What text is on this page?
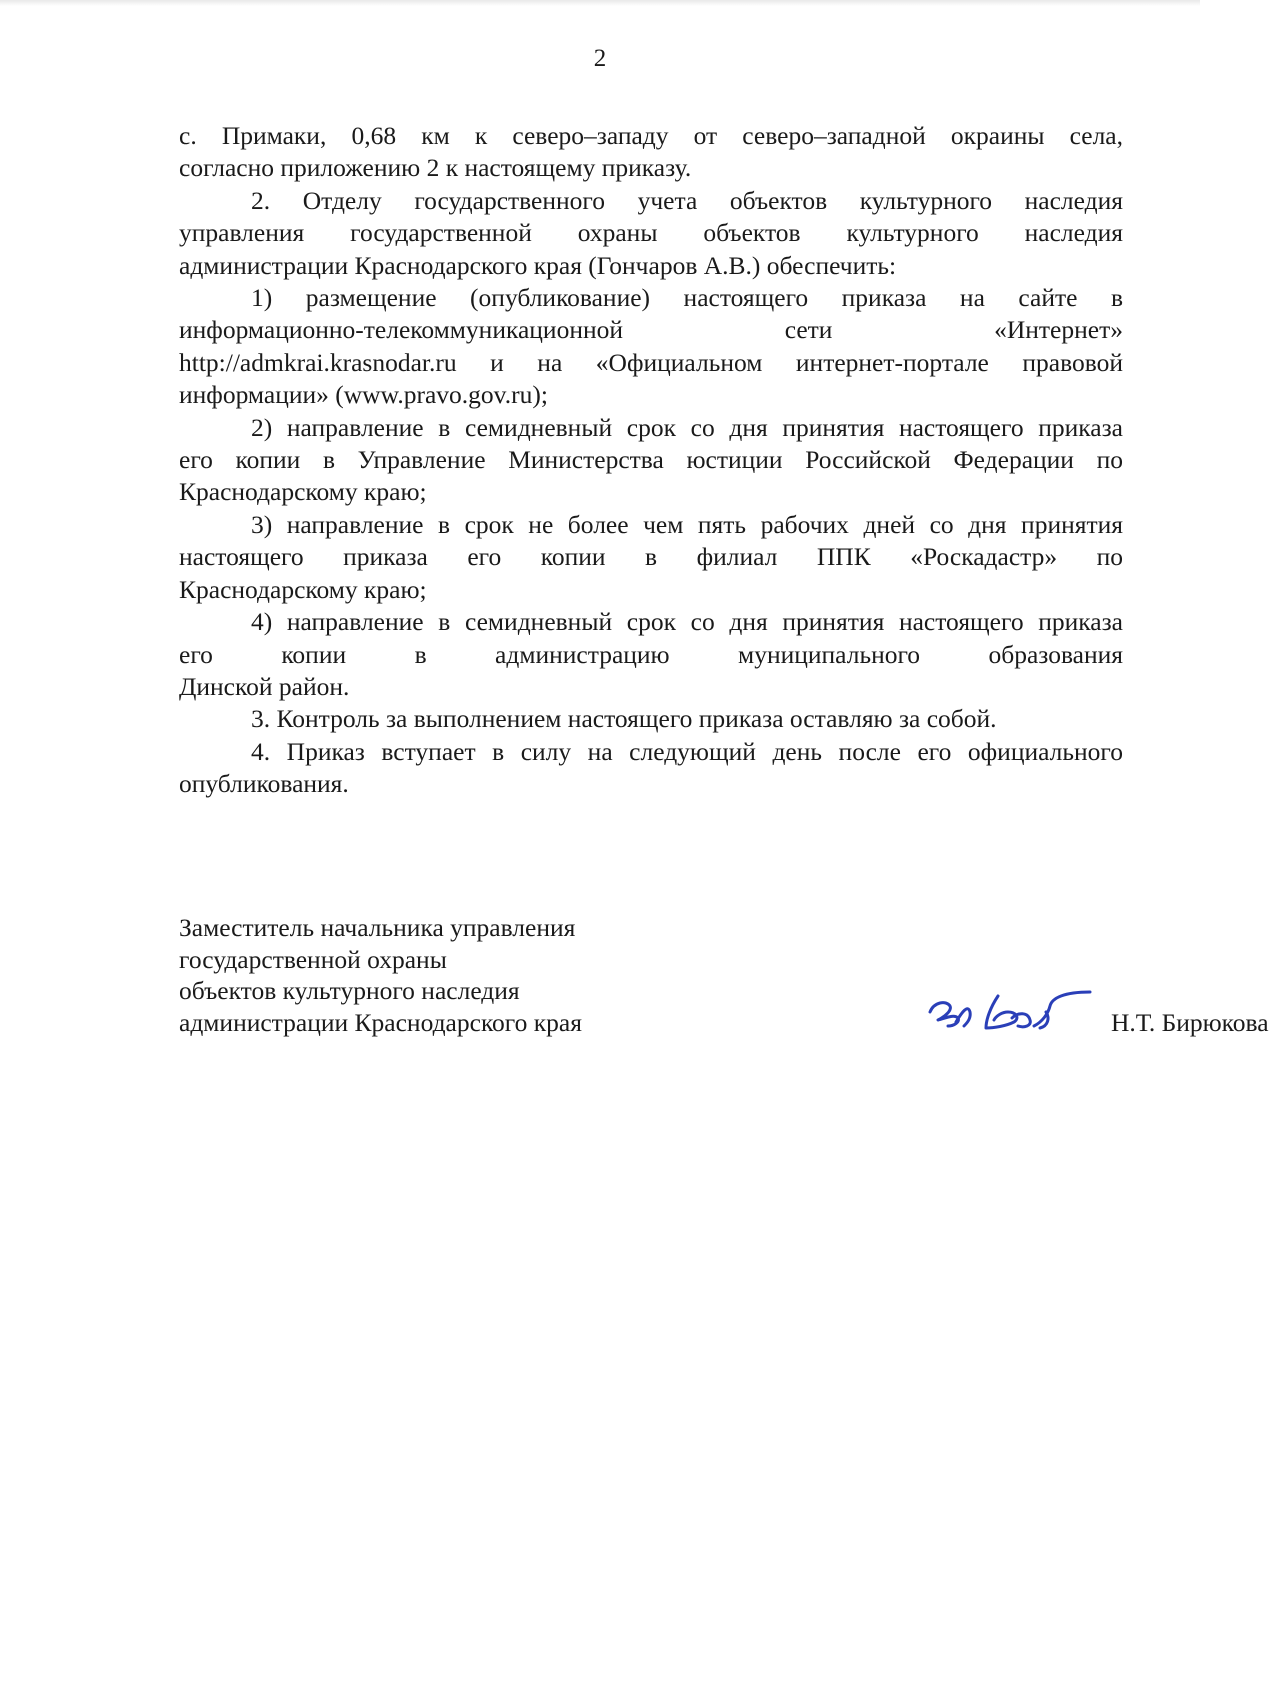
2
с. Примаки, 0,68 км к северо–западу от северо–западной окраины села,
согласно приложению 2 к настоящему приказу.
2. Отделу государственного учета объектов культурного наследия
управления государственной охраны объектов культурного наследия
администрации Краснодарского края (Гончаров А.В.) обеспечить:
1) размещение (опубликование) настоящего приказа на сайте в
информационно-телекоммуникационной сети «Интернет»
http://admkrai.krasnodar.ru и на «Официальном интернет-портале правовой
информации» (www.pravo.gov.ru);
2) направление в семидневный срок со дня принятия настоящего приказа
его копии в Управление Министерства юстиции Российской Федерации по
Краснодарскому краю;
3) направление в срок не более чем пять рабочих дней со дня принятия
настоящего приказа его копии в филиал ППК «Роскадастр» по
Краснодарскому краю;
4) направление в семидневный срок со дня принятия настоящего приказа
его копии в администрацию муниципального образования
Динской район.
3. Контроль за выполнением настоящего приказа оставляю за собой.
4. Приказ вступает в силу на следующий день после его официального
опубликования.
Заместитель начальника управления
государственной охраны
объектов культурного наследия
администрации Краснодарского края	Н.Т. Бирюкова
